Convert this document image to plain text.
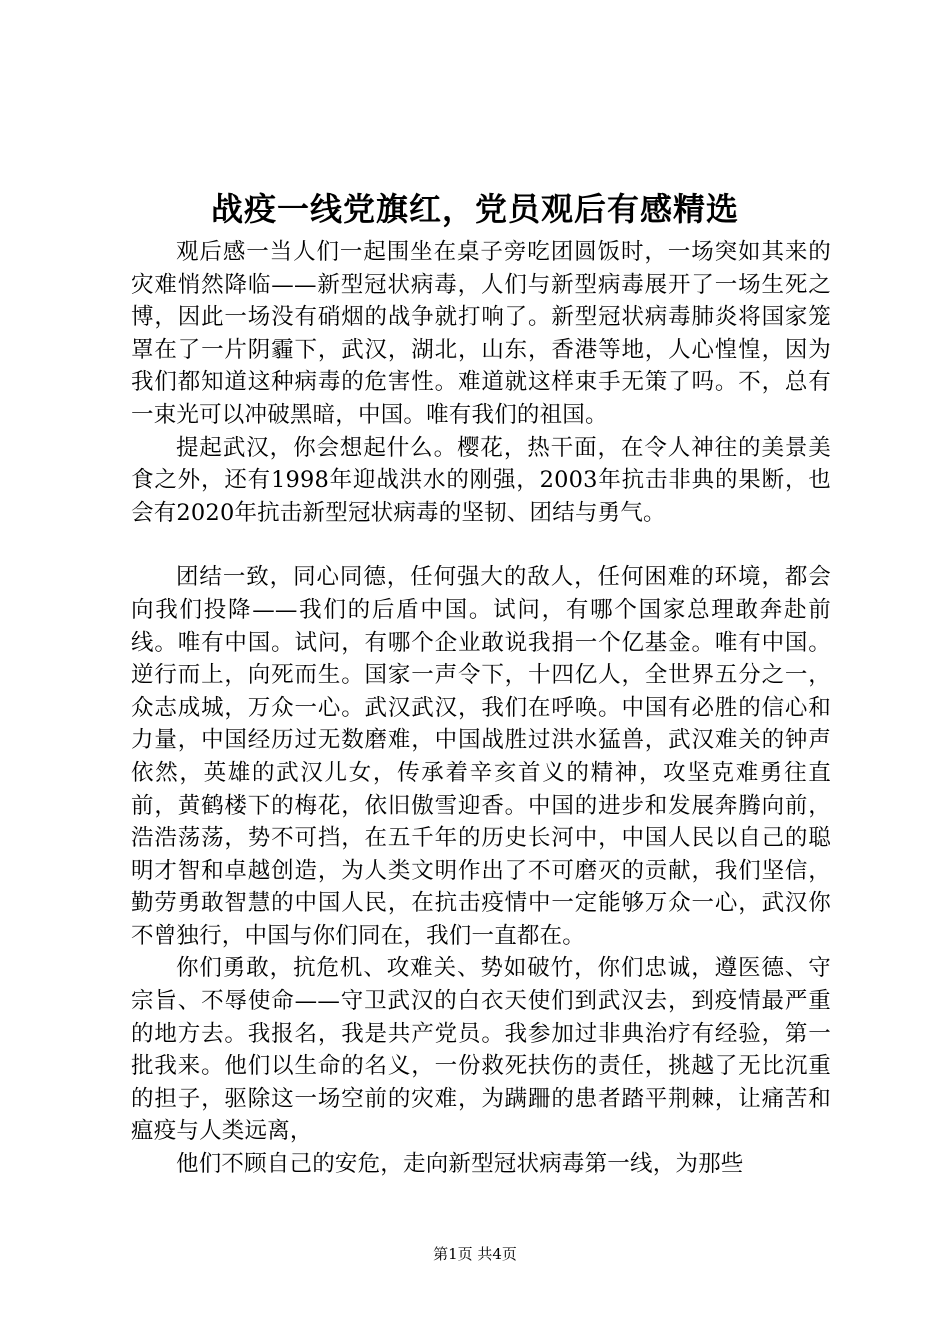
战疫一线党旗红，党员观后有感精选

观后感一当人们一起围坐在桌子旁吃团圆饭时，一场突如其来的灾难悄然降临——新型冠状病毒，人们与新型病毒展开了一场生死之博，因此一场没有硝烟的战争就打响了。新型冠状病毒肺炎将国家笼罩在了一片阴霾下，武汉，湖北，山东，香港等地，人心惶惶，因为我们都知道这种病毒的危害性。难道就这样束手无策了吗。不，总有一束光可以冲破黑暗，中国。唯有我们的祖国。

提起武汉，你会想起什么。樱花，热干面，在令人神往的美景美食之外，还有1998年迎战洪水的刚强，2003年抗击非典的果断，也会有2020年抗击新型冠状病毒的坚韧、团结与勇气。

团结一致，同心同德，任何强大的敌人，任何困难的环境，都会向我们投降——我们的后盾中国。试问，有哪个国家总理敢奔赴前线。唯有中国。试问，有哪个企业敢说我捐一个亿基金。唯有中国。逆行而上，向死而生。国家一声令下，十四亿人，全世界五分之一，众志成城，万众一心。武汉武汉，我们在呼唤。中国有必胜的信心和力量，中国经历过无数磨难，中国战胜过洪水猛兽，武汉难关的钟声依然，英雄的武汉儿女，传承着辛亥首义的精神，攻坚克难勇往直前，黄鹤楼下的梅花，依旧傲雪迎香。中国的进步和发展奔腾向前，浩浩荡荡，势不可挡，在五千年的历史长河中，中国人民以自己的聪明才智和卓越创造，为人类文明作出了不可磨灭的贡献，我们坚信，勤劳勇敢智慧的中国人民，在抗击疫情中一定能够万众一心，武汉你不曾独行，中国与你们同在，我们一直都在。

你们勇敢，抗危机、攻难关、势如破竹，你们忠诚，遵医德、守宗旨、不辱使命——守卫武汉的白衣天使们到武汉去，到疫情最严重的地方去。我报名，我是共产党员。我参加过非典治疗有经验，第一批我来。他们以生命的名义，一份救死扶伤的责任，挑越了无比沉重的担子，驱除这一场空前的灾难，为蹒跚的患者踏平荆棘，让痛苦和瘟疫与人类远离，

他们不顾自己的安危，走向新型冠状病毒第一线，为那些

第1页 共4页
